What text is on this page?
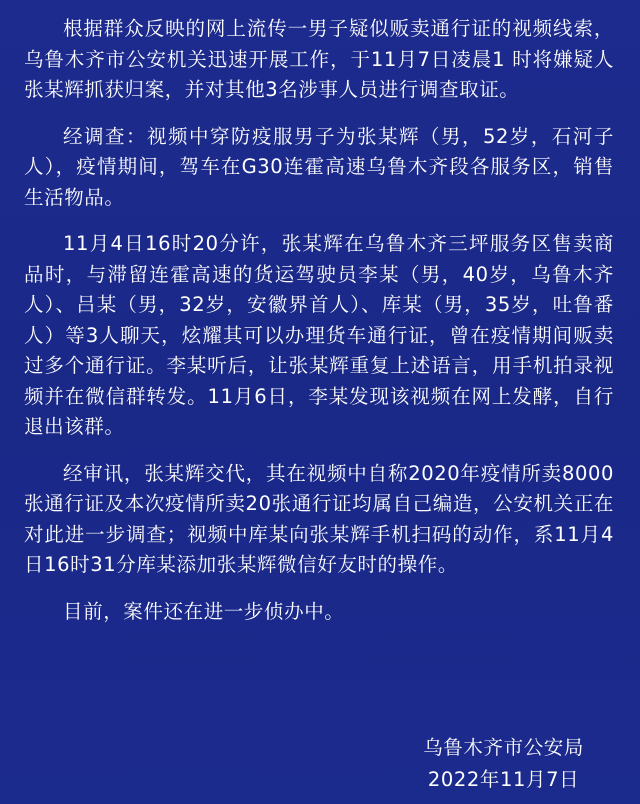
根据群众反映的网上流传一男子疑似贩卖通行证的视频线索，乌鲁木齐市公安机关迅速开展工作，于11月7日凌晨1 时将嫌疑人张某辉抓获归案，并对其他3名涉事人员进行调查取证。

经调查：视频中穿防疫服男子为张某辉（男，52岁，石河子人），疫情期间，驾车在G30连霍高速乌鲁木齐段各服务区，销售生活物品。

11月4日16时20分许，张某辉在乌鲁木齐三坪服务区售卖商品时，与滞留连霍高速的货运驾驶员李某（男，40岁，乌鲁木齐人）、吕某（男，32岁，安徽界首人）、库某（男，35岁，吐鲁番人）等3人聊天，炫耀其可以办理货车通行证，曾在疫情期间贩卖过多个通行证。李某听后，让张某辉重复上述语言，用手机拍录视频并在微信群转发。11月6日，李某发现该视频在网上发酵，自行退出该群。

经审讯，张某辉交代，其在视频中自称2020年疫情所卖8000张通行证及本次疫情所卖20张通行证均属自己编造，公安机关正在对此进一步调查；视频中库某向张某辉手机扫码的动作，系11月4日16时31分库某添加张某辉微信好友时的操作。

目前，案件还在进一步侦办中。

乌鲁木齐市公安局
2022年11月7日
